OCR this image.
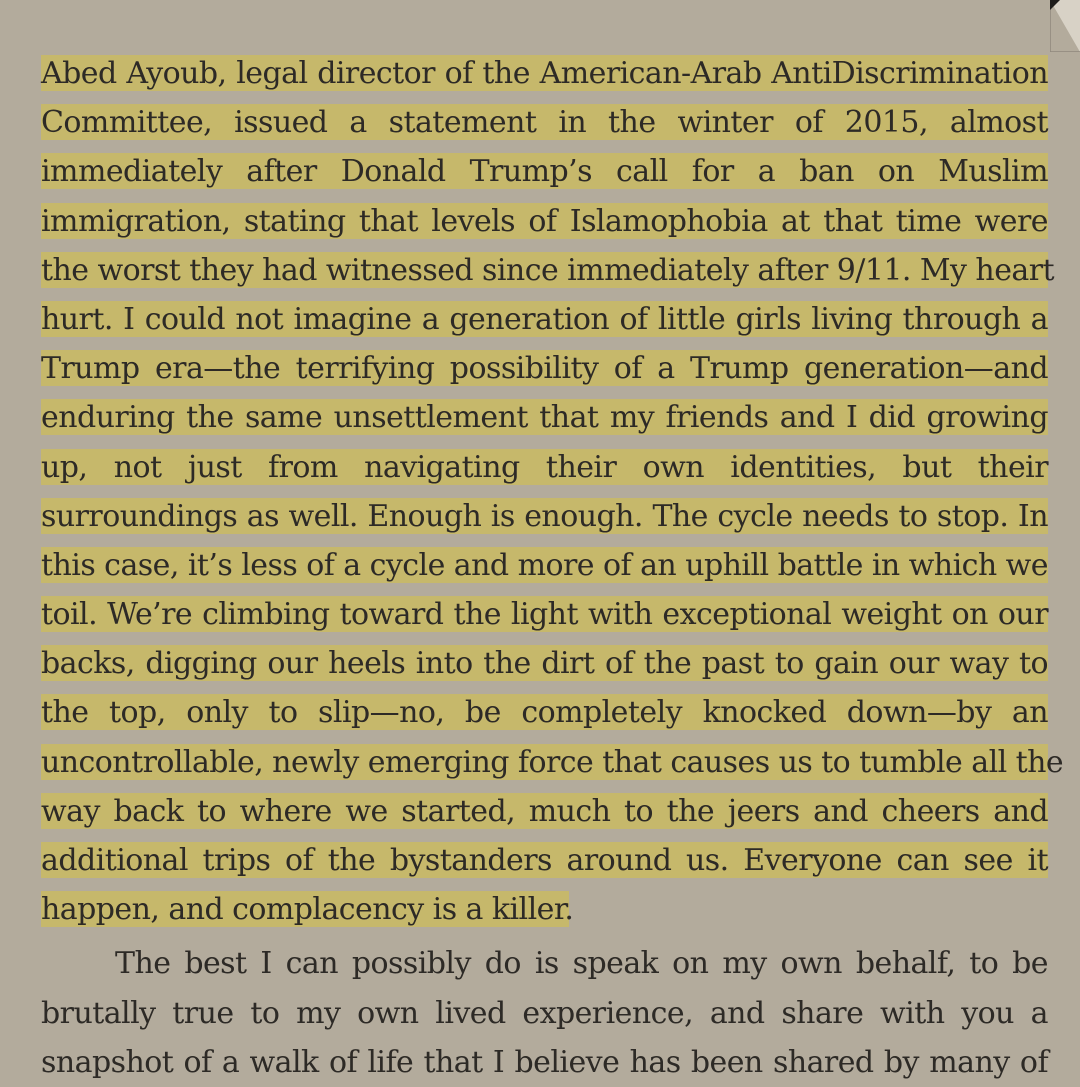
Abed Ayoub, legal director of the American-Arab AntiDiscrimination
Committee, issued a statement in the winter of 2015, almost
immediately after Donald Trump’s call for a ban on Muslim
immigration, stating that levels of Islamophobia at that time were
the worst they had witnessed since immediately after 9/11. My heart
hurt. I could not imagine a generation of little girls living through a
Trump era—the terrifying possibility of a Trump generation—and
enduring the same unsettlement that my friends and I did growing
up, not just from navigating their own identities, but their
surroundings as well. Enough is enough. The cycle needs to stop. In
this case, it’s less of a cycle and more of an uphill battle in which we
toil. We’re climbing toward the light with exceptional weight on our
backs, digging our heels into the dirt of the past to gain our way to
the top, only to slip—no, be completely knocked down—by an
uncontrollable, newly emerging force that causes us to tumble all the
way back to where we started, much to the jeers and cheers and
additional trips of the bystanders around us. Everyone can see it
happen, and complacency is a killer.
The best I can possibly do is speak on my own behalf, to be
brutally true to my own lived experience, and share with you a
snapshot of a walk of life that I believe has been shared by many of
